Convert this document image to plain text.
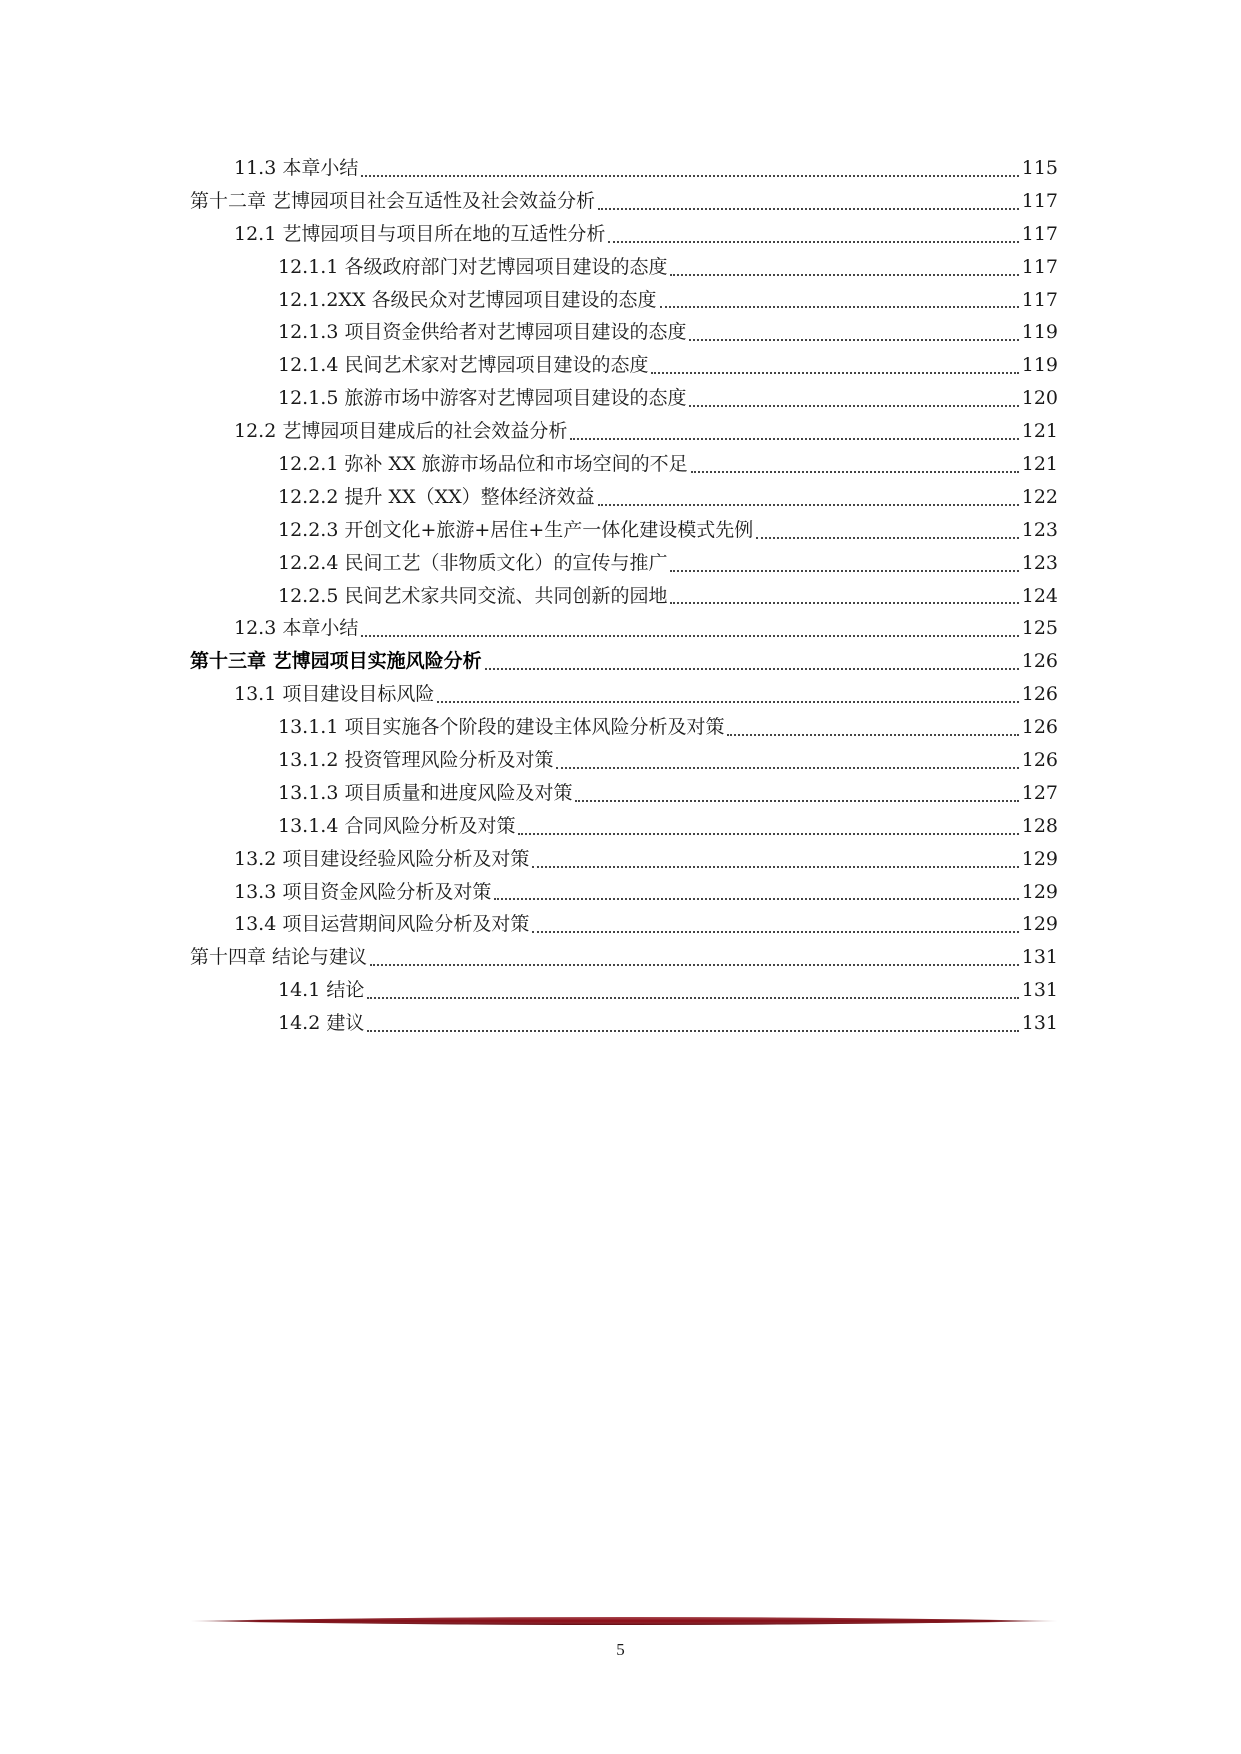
11.3 本章小结	115
第十二章 艺博园项目社会互适性及社会效益分析	117
12.1 艺博园项目与项目所在地的互适性分析	117
12.1.1 各级政府部门对艺博园项目建设的态度	117
12.1.2XX 各级民众对艺博园项目建设的态度	117
12.1.3 项目资金供给者对艺博园项目建设的态度	119
12.1.4 民间艺术家对艺博园项目建设的态度	119
12.1.5 旅游市场中游客对艺博园项目建设的态度	120
12.2 艺博园项目建成后的社会效益分析	121
12.2.1 弥补 XX 旅游市场品位和市场空间的不足	121
12.2.2 提升 XX（XX）整体经济效益	122
12.2.3 开创文化+旅游+居住+生产一体化建设模式先例	123
12.2.4 民间工艺（非物质文化）的宣传与推广	123
12.2.5 民间艺术家共同交流、共同创新的园地	124
12.3 本章小结	125
第十三章 艺博园项目实施风险分析	126
13.1 项目建设目标风险	126
13.1.1 项目实施各个阶段的建设主体风险分析及对策	126
13.1.2 投资管理风险分析及对策	126
13.1.3 项目质量和进度风险及对策	127
13.1.4 合同风险分析及对策	128
13.2 项目建设经验风险分析及对策	129
13.3 项目资金风险分析及对策	129
13.4 项目运营期间风险分析及对策	129
第十四章 结论与建议	131
14.1 结论	131
14.2 建议	131
5
